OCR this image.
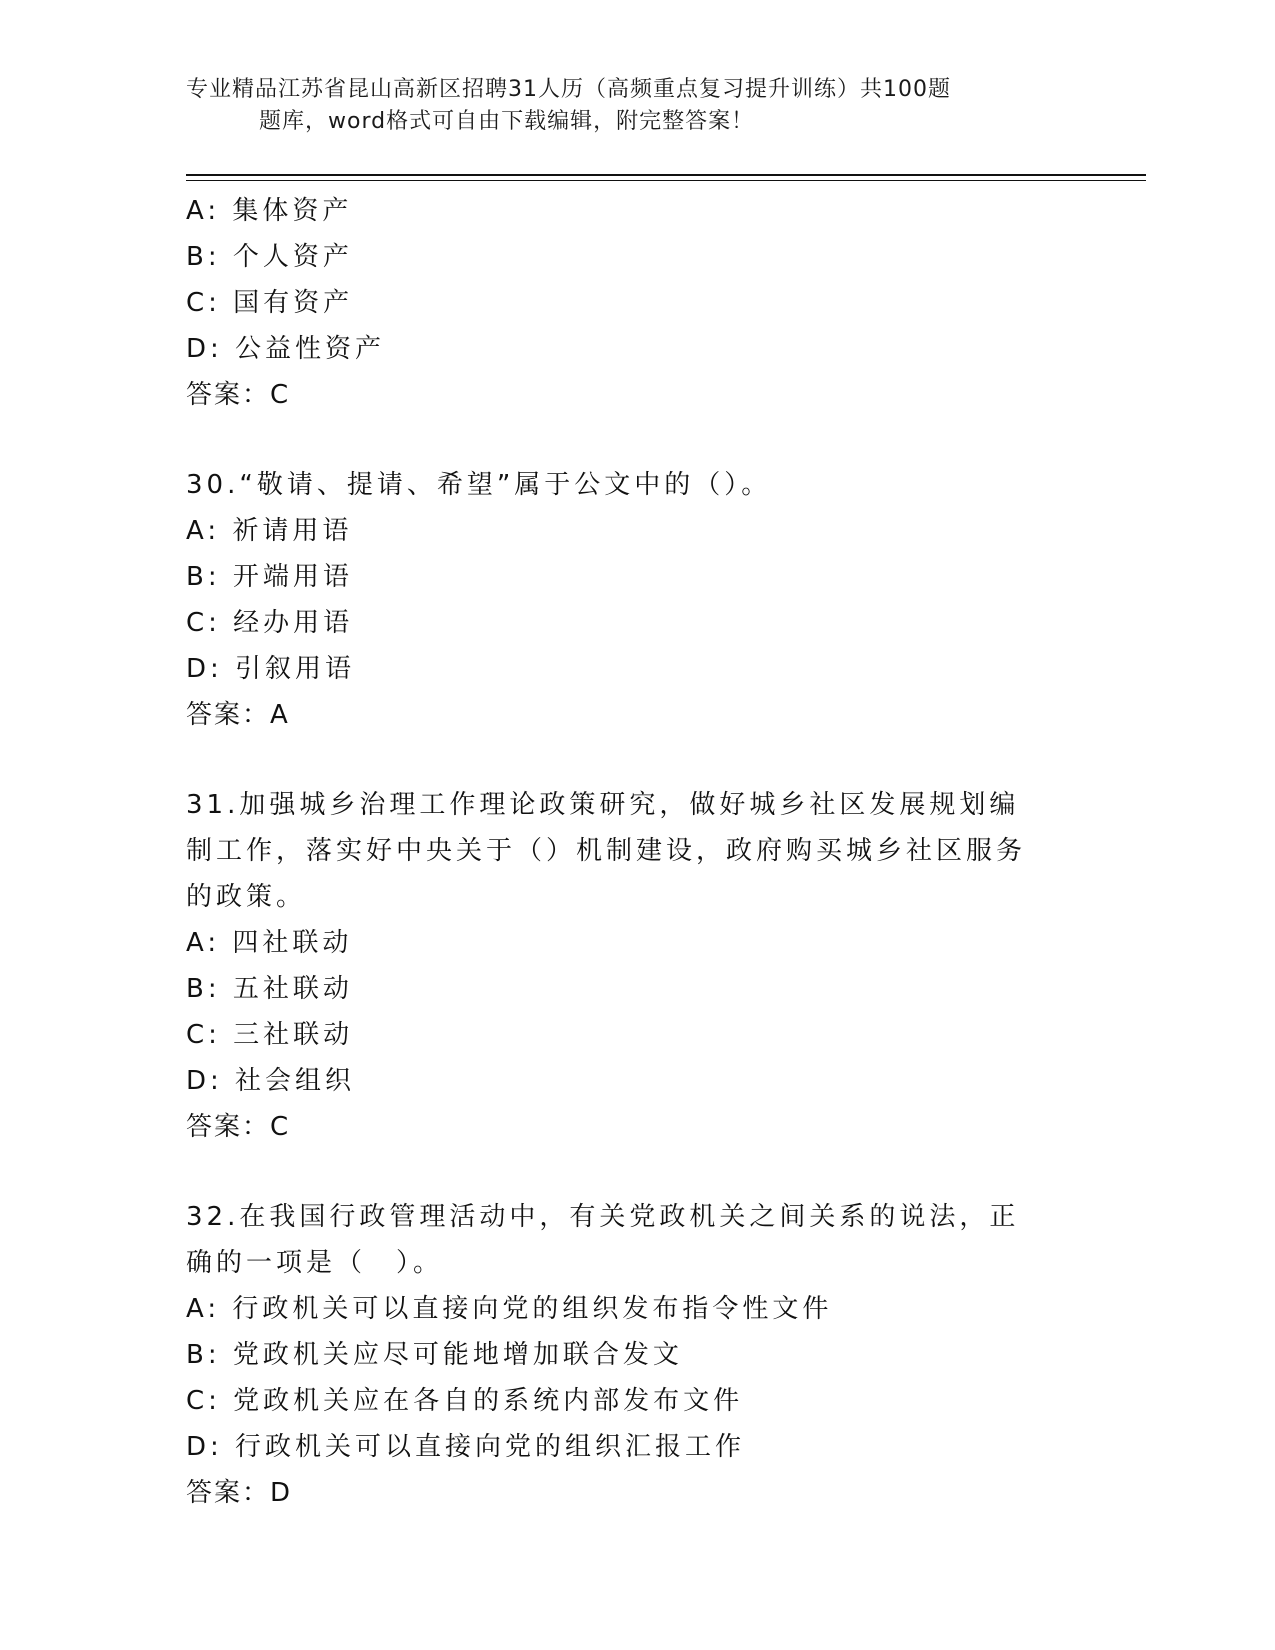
专业精品江苏省昆山高新区招聘31人历（高频重点复习提升训练）共100题
题库，word格式可自由下载编辑，附完整答案！
A: 集体资产
B: 个人资产
C: 国有资产
D: 公益性资产
答案：C
30.“敬请、提请、希望”属于公文中的（）。
A: 祈请用语
B: 开端用语
C: 经办用语
D: 引叙用语
答案：A
31.加强城乡治理工作理论政策研究，做好城乡社区发展规划编制工作，落实好中央关于（）机制建设，政府购买城乡社区服务的政策。
A: 四社联动
B: 五社联动
C: 三社联动
D: 社会组织
答案：C
32.在我国行政管理活动中，有关党政机关之间关系的说法，正确的一项是（　）。
A: 行政机关可以直接向党的组织发布指令性文件
B: 党政机关应尽可能地增加联合发文
C: 党政机关应在各自的系统内部发布文件
D: 行政机关可以直接向党的组织汇报工作
答案：D
